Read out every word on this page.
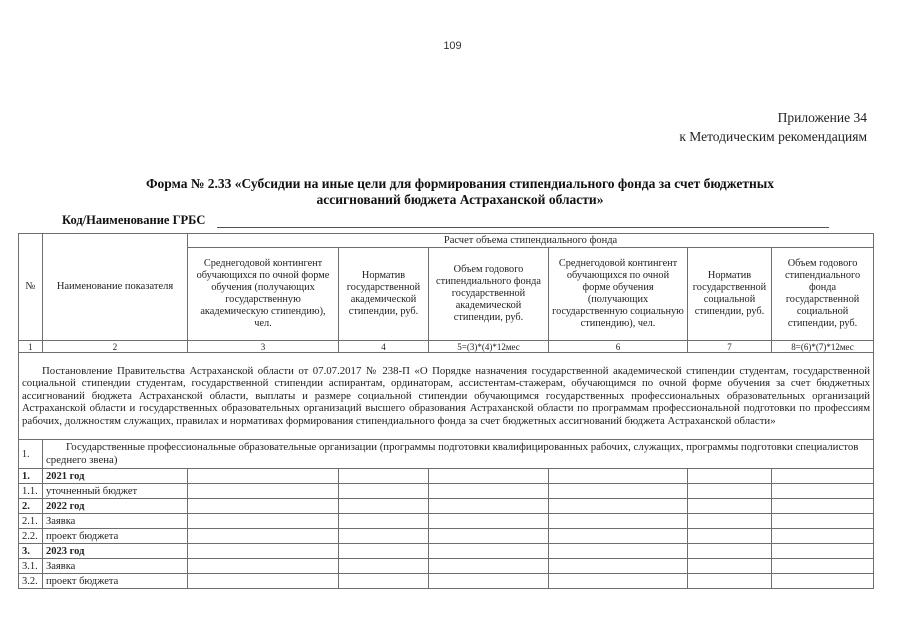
109
Приложение 34
к Методическим рекомендациям
Форма № 2.33 «Субсидии на иные цели для формирования стипендиального фонда за счет бюджетных
ассигнований бюджета Астраханской области»
Код/Наименование ГРБС
№	Наименование показателя	Расчет объема стипендиального фонда					
		Среднегодовой контингент обучающихся по очной форме обучения (получающих государственную академическую стипендию), чел.	Норматив государственной академической стипендии, руб.	Объем годового стипендиального фонда государственной академической стипендии, руб.	Среднегодовой контингент обучающихся по очной форме обучения (получающих государственную социальную стипендию), чел.	Норматив государственной социальной стипендии, руб.	Объем годового стипендиального фонда государственной социальной стипендии, руб.
1	2	3	4	5=(3)*(4)*12мес	6	7	8=(6)*(7)*12мес
Постановление Правительства Астраханской области от 07.07.2017 № 238-П «О Порядке назначения государственной академической стипендии студентам, государственной социальной стипендии студентам, государственной стипендии аспирантам, ординаторам, ассистентам-стажерам, обучающимся по очной форме обучения за счет бюджетных ассигнований бюджета Астраханской области, выплаты и размере социальной стипендии обучающимся государственных профессиональных образовательных организаций Астраханской области и государственных образовательных организаций высшего образования Астраханской области по программам профессиональной подготовки по профессиям рабочих, должностям служащих, правилах и нормативах формирования стипендиального фонда за счет бюджетных ассигнований бюджета Астраханской области»							
1.	Государственные профессиональные образовательные организации (программы подготовки квалифицированных рабочих, служащих, программы подготовки специалистов среднего звена)						
1.	2021 год						
1.1.	уточненный бюджет						
2.	2022 год						
2.1.	Заявка						
2.2.	проект бюджета						
3.	2023 год						
3.1.	Заявка						
3.2.	проект бюджета						
